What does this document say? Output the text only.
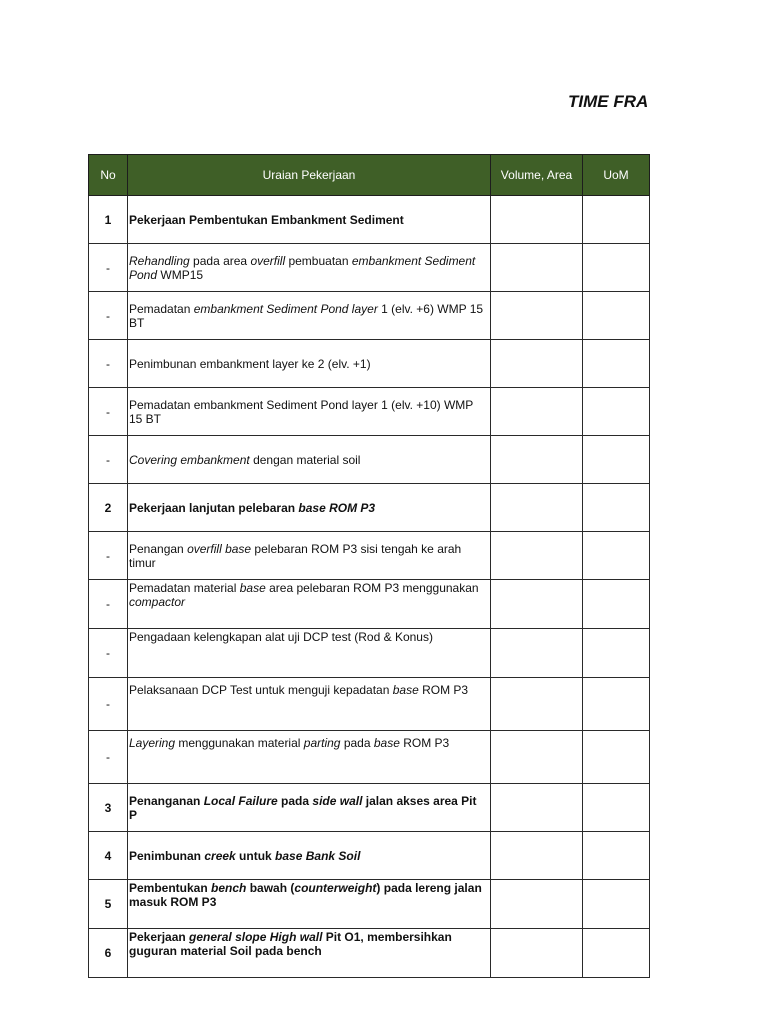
TIME FRA
No	Uraian Pekerjaan	Volume, Area	UoM
1	Pekerjaan Pembentukan Embankment Sediment		
-	Rehandling pada area overfill pembuatan embankment Sediment Pond WMP15		
-	Pemadatan embankment Sediment Pond layer 1 (elv. +6) WMP 15 BT		
-	Penimbunan embankment layer ke 2 (elv. +1)		
-	Pemadatan embankment Sediment Pond layer 1 (elv. +10) WMP 15 BT		
-	Covering embankment dengan material soil		
2	Pekerjaan lanjutan pelebaran base ROM P3		
-	Penangan overfill base pelebaran ROM P3 sisi tengah ke arah timur		
-	Pemadatan material base area pelebaran ROM P3 menggunakan compactor		
-	Pengadaan kelengkapan alat uji DCP test (Rod & Konus)		
-	Pelaksanaan DCP Test untuk menguji kepadatan base ROM P3		
-	Layering menggunakan material parting pada base ROM P3		
3	Penanganan Local Failure pada side wall jalan akses area Pit P		
4	Penimbunan creek untuk base Bank Soil		
5	Pembentukan bench bawah (counterweight) pada lereng jalan masuk ROM P3		
6	Pekerjaan general slope High wall Pit O1, membersihkan guguran material Soil pada bench		
